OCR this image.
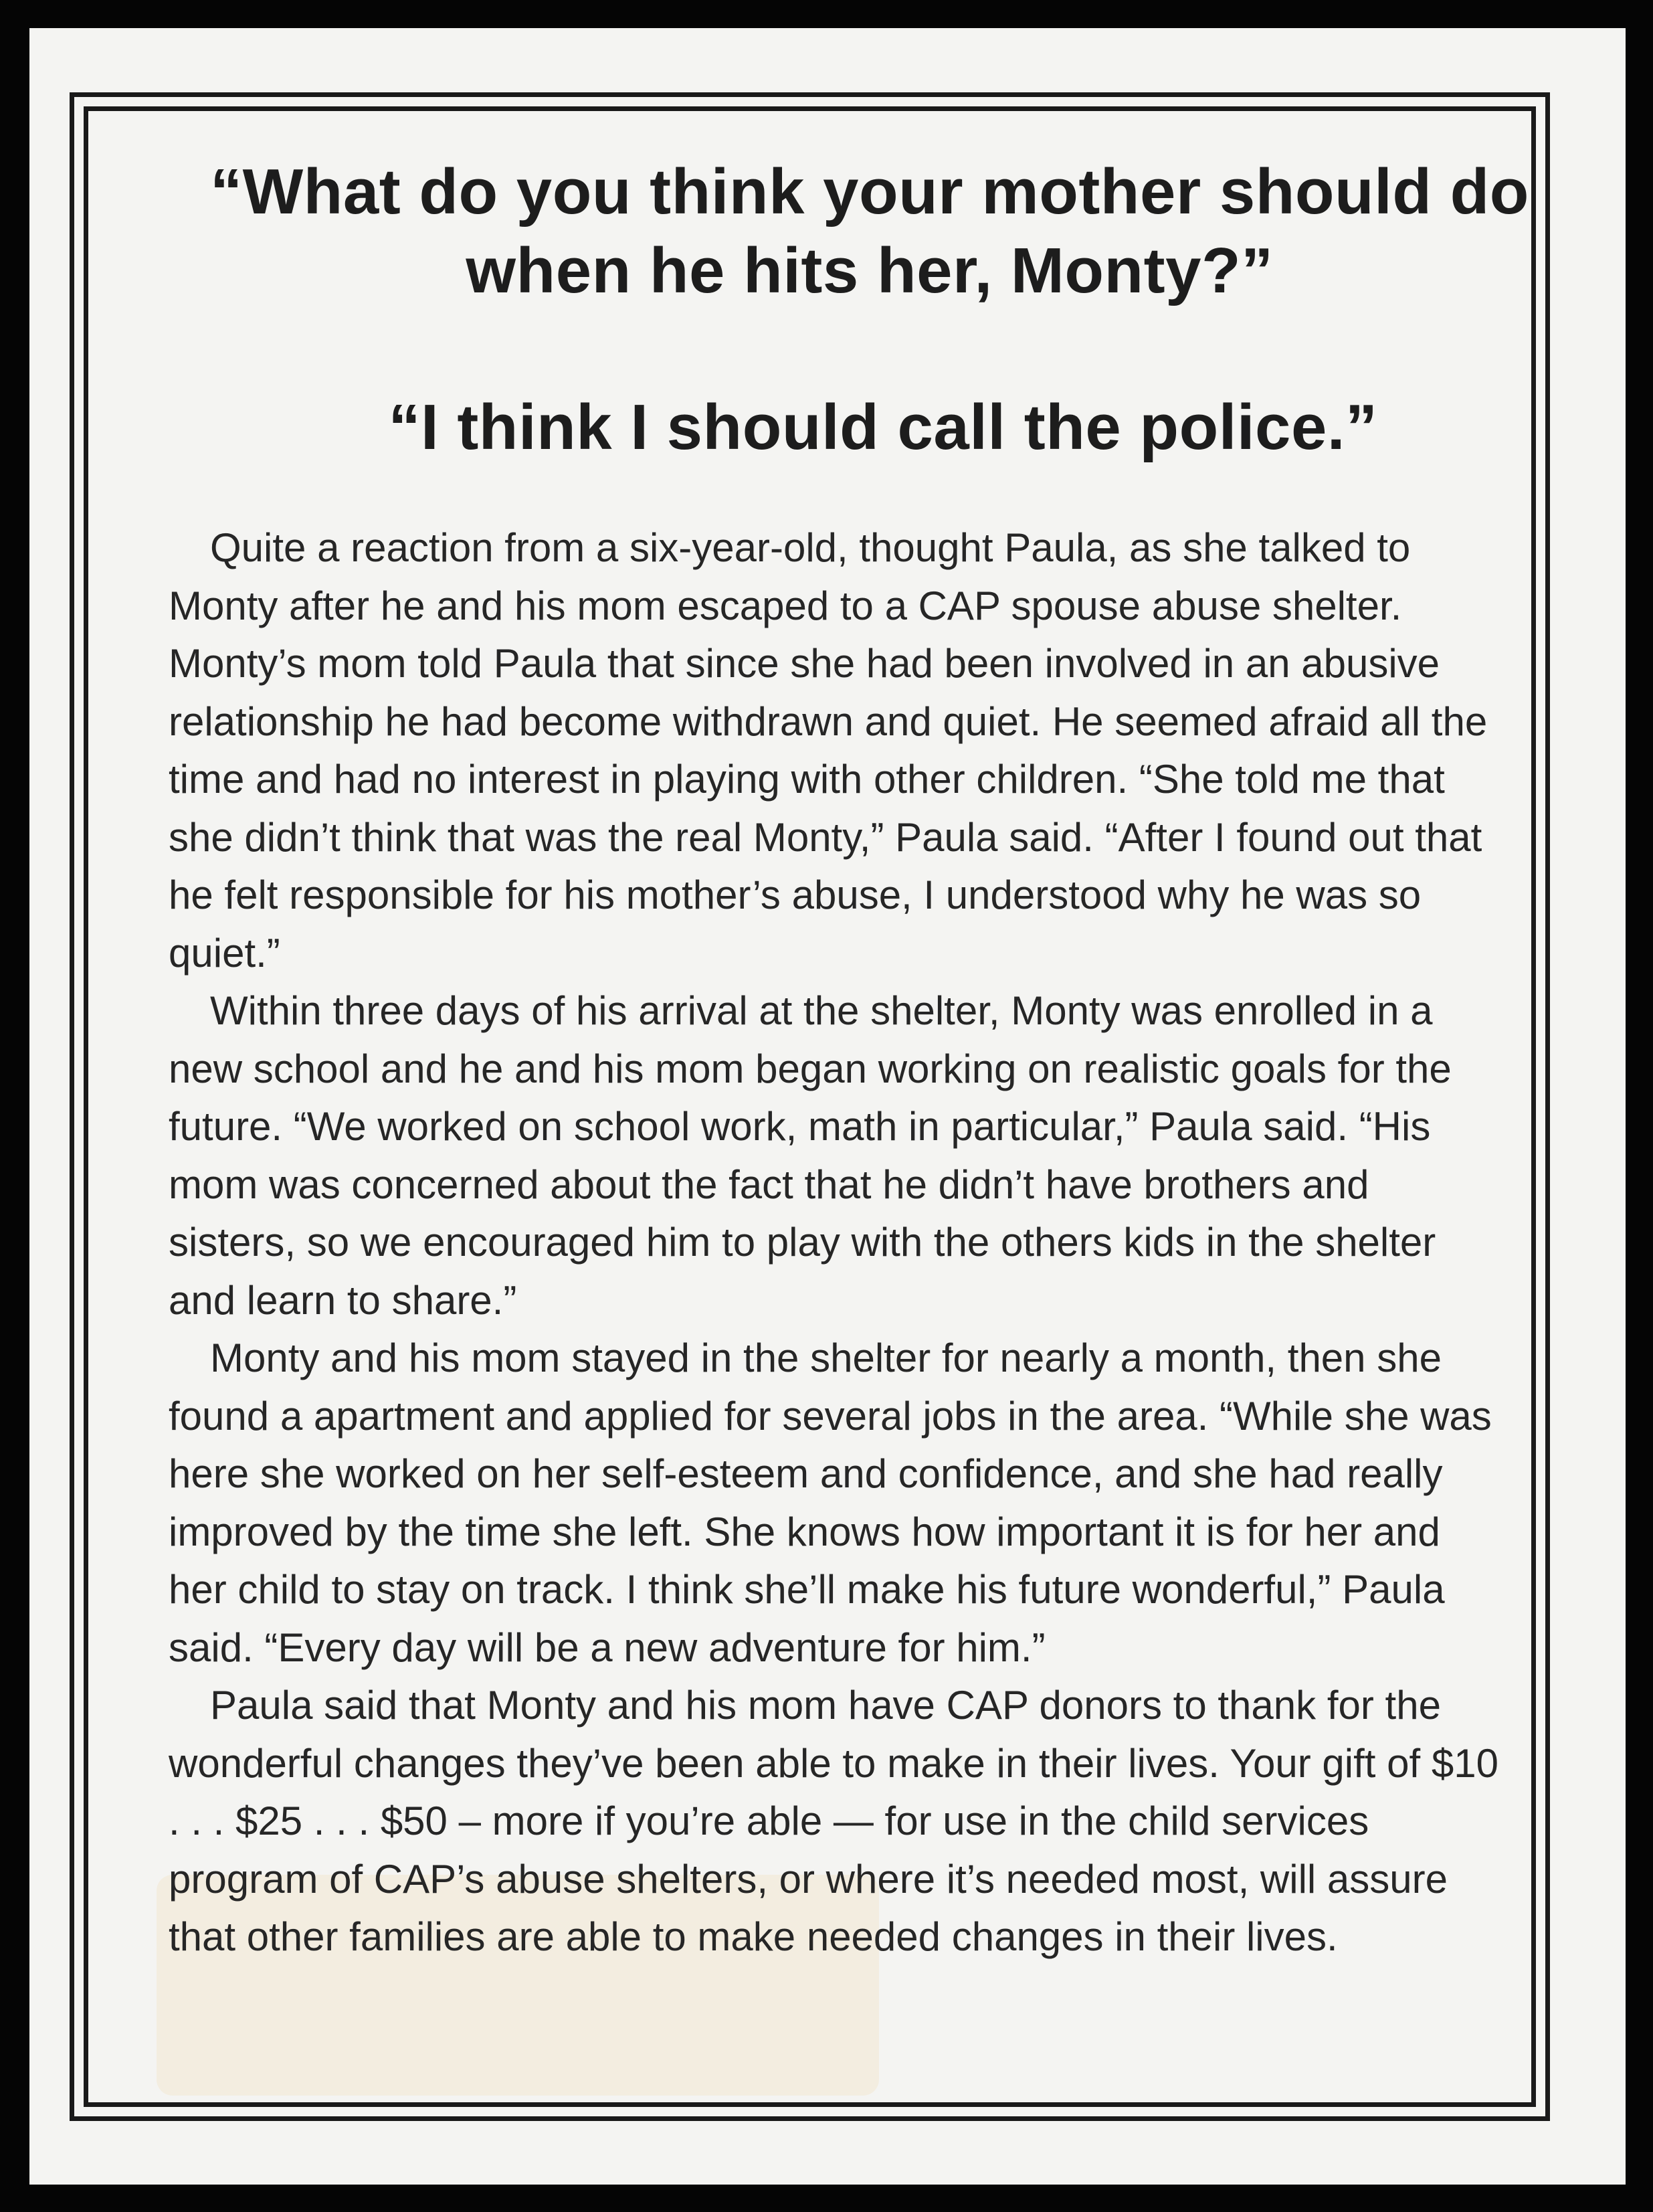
“What do you think your mother should do when he hits her, Monty?”
“I think I should call the police.”

Quite a reaction from a six-year-old, thought Paula, as she talked to Monty after he and his mom escaped to a CAP spouse abuse shelter. Monty’s mom told Paula that since she had been involved in an abusive relationship he had become withdrawn and quiet. He seemed afraid all the time and had no interest in playing with other children. “She told me that she didn’t think that was the real Monty,” Paula said. “After I found out that he felt responsible for his mother’s abuse, I understood why he was so quiet.”

Within three days of his arrival at the shelter, Monty was enrolled in a new school and he and his mom began working on realistic goals for the future. “We worked on school work, math in particular,” Paula said. “His mom was concerned about the fact that he didn’t have brothers and sisters, so we encouraged him to play with the others kids in the shelter and learn to share.”

Monty and his mom stayed in the shelter for nearly a month, then she found a apartment and applied for several jobs in the area. “While she was here she worked on her self-esteem and confidence, and she had really improved by the time she left. She knows how important it is for her and her child to stay on track. I think she’ll make his future wonderful,” Paula said. “Every day will be a new adventure for him.”

Paula said that Monty and his mom have CAP donors to thank for the wonderful changes they’ve been able to make in their lives. Your gift of $10 . . . $25 . . . $50 – more if you’re able — for use in the child services program of CAP’s abuse shelters, or where it’s needed most, will assure that other families are able to make needed changes in their lives.
